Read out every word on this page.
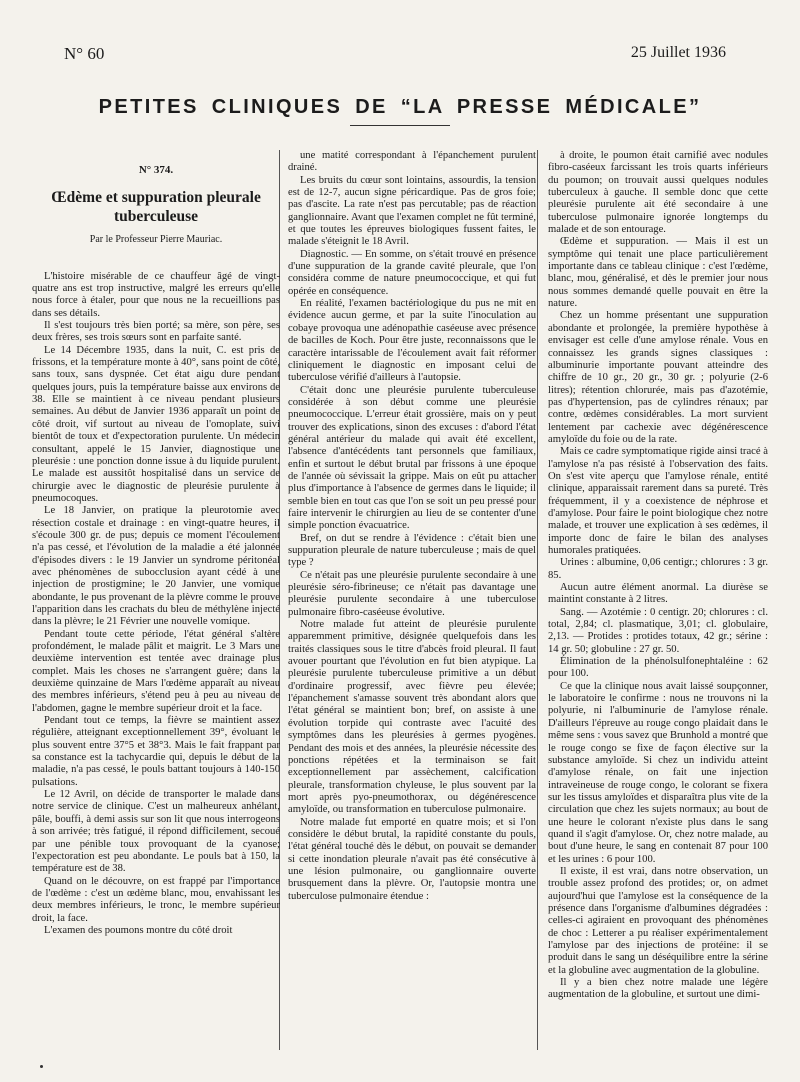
N° 60	25 Juillet 1936
PETITES CLINIQUES DE “LA PRESSE MÉDICALE”
N° 374.
Œdème et suppuration pleurale tuberculeuse
Par le Professeur Pierre Mauriac.

L'histoire misérable de ce chauffeur âgé de vingt-quatre ans est trop instructive, malgré les erreurs qu'elle nous force à étaler, pour que nous ne la recueillions pas dans ses détails.

Il s'est toujours très bien porté; sa mère, son père, ses deux frères, ses trois sœurs sont en parfaite santé.

Le 14 Décembre 1935, dans la nuit, C. est pris de frissons, et la température monte à 40°, sans point de côté, sans toux, sans dyspnée. Cet état aigu dure pendant quelques jours, puis la température baisse aux environs de 38. Elle se maintient à ce niveau pendant plusieurs semaines. Au début de Janvier 1936 apparaît un point de côté droit, vif surtout au niveau de l'omoplate, suivi bientôt de toux et d'expectoration purulente. Un médecin consultant, appelé le 15 Janvier, diagnostique une pleurésie : une ponction donne issue à du liquide purulent. Le malade est aussitôt hospitalisé dans un service de chirurgie avec le diagnostic de pleurésie purulente à pneumocoques.

Le 18 Janvier, on pratique la pleurotomie avec résection costale et drainage : en vingt-quatre heures, il s'écoule 300 gr. de pus; depuis ce moment l'écoulement n'a pas cessé, et l'évolution de la maladie a été jalonnée d'épisodes divers : le 19 Janvier un syndrome péritonéal avec phénomènes de subocclusion ayant cédé à une injection de prostigmine; le 20 Janvier, une vomique abondante, le pus provenant de la plèvre comme le prouve l'apparition dans les crachats du bleu de méthylène injecté dans la plèvre; le 21 Février une nouvelle vomique.

Pendant toute cette période, l'état général s'altère profondément, le malade pâlit et maigrit. Le 3 Mars une deuxième intervention est tentée avec drainage plus complet. Mais les choses ne s'arrangent guère; dans la deuxième quinzaine de Mars l'œdème apparaît au niveau des membres inférieurs, s'étend peu à peu au niveau de l'abdomen, gagne le membre supérieur droit et la face.

Pendant tout ce temps, la fièvre se maintient assez régulière, atteignant exceptionnellement 39°, évoluant le plus souvent entre 37°5 et 38°3. Mais le fait frappant par sa constance est la tachycardie qui, depuis le début de la maladie, n'a pas cessé, le pouls battant toujours à 140-150 pulsations.

Le 12 Avril, on décide de transporter le malade dans notre service de clinique. C'est un malheureux anhélant, pâle, bouffi, à demi assis sur son lit que nous interrogeons à son arrivée; très fatigué, il répond difficilement, secoué par une pénible toux provoquant de la cyanose; l'expectoration est peu abondante. Le pouls bat à 150, la température est de 38.

Quand on le découvre, on est frappé par l'importance de l'œdème : c'est un œdème blanc, mou, envahissant les deux membres inférieurs, le tronc, le membre supérieur droit, la face.

L'examen des poumons montre du côté droit

une matité correspondant à l'épanchement purulent drainé.

Les bruits du cœur sont lointains, assourdis, la tension est de 12-7, aucun signe péricardique. Pas de gros foie; pas d'ascite. La rate n'est pas percutable; pas de réaction ganglionnaire. Avant que l'examen complet ne fût terminé, et que toutes les épreuves biologiques fussent faites, le malade s'éteignit le 18 Avril.

Diagnostic. — En somme, on s'était trouvé en présence d'une suppuration de la grande cavité pleurale, que l'on considéra comme de nature pneumococcique, et qui fut opérée en conséquence.

En réalité, l'examen bactériologique du pus ne mit en évidence aucun germe, et par la suite l'inoculation au cobaye provoqua une adénopathie caséeuse avec présence de bacilles de Koch. Pour être juste, reconnaissons que le caractère intarissable de l'écoulement avait fait réformer cliniquement le diagnostic en imposant celui de tuberculose vérifié d'ailleurs à l'autopsie.

C'était donc une pleurésie purulente tuberculeuse considérée à son début comme une pleurésie pneumococcique. L'erreur était grossière, mais on y peut trouver des explications, sinon des excuses : d'abord l'état général antérieur du malade qui avait été excellent, l'absence d'antécédents tant personnels que familiaux, enfin et surtout le début brutal par frissons à une époque de l'année où sévissait la grippe. Mais on eût pu attacher plus d'importance à l'absence de germes dans le liquide; il semble bien en tout cas que l'on se soit un peu pressé pour faire intervenir le chirurgien au lieu de se contenter d'une simple ponction évacuatrice.

Bref, on dut se rendre à l'évidence : c'était bien une suppuration pleurale de nature tuberculeuse ; mais de quel type ?

Ce n'était pas une pleurésie purulente secondaire à une pleurésie séro-fibrineuse; ce n'était pas davantage une pleurésie purulente secondaire à une tuberculose pulmonaire fibro-caséeuse évolutive.

Notre malade fut atteint de pleurésie purulente apparemment primitive, désignée quelquefois dans les traités classiques sous le titre d'abcès froid pleural. Il faut avouer pourtant que l'évolution en fut bien atypique. La pleurésie purulente tuberculeuse primitive a un début d'ordinaire progressif, avec fièvre peu élevée; l'épanchement s'amasse souvent très abondant alors que l'état général se maintient bon; bref, on assiste à une évolution torpide qui contraste avec l'acuité des symptômes dans les pleurésies à germes pyogènes. Pendant des mois et des années, la pleurésie nécessite des ponctions répétées et la terminaison se fait exceptionnellement par assèchement, calcification pleurale, transformation chyleuse, le plus souvent par la mort après pyo-pneumothorax, ou dégénérescence amyloïde, ou transformation en tuberculose pulmonaire.

Notre malade fut emporté en quatre mois; et si l'on considère le début brutal, la rapidité constante du pouls, l'état général touché dès le début, on pouvait se demander si cette inondation pleurale n'avait pas été consécutive à une lésion pulmonaire, ou ganglionnaire ouverte brusquement dans la plèvre. Or, l'autopsie montra une tuberculose pulmonaire étendue :

à droite, le poumon était carnifié avec nodules fibro-caséeux farcissant les trois quarts inférieurs du poumon; on trouvait aussi quelques nodules tuberculeux à gauche. Il semble donc que cette pleurésie purulente ait été secondaire à une tuberculose pulmonaire ignorée longtemps du malade et de son entourage.

Œdème et suppuration. — Mais il est un symptôme qui tenait une place particulièrement importante dans ce tableau clinique : c'est l'œdème, blanc, mou, généralisé, et dès le premier jour nous nous sommes demandé quelle pouvait en être la nature.

Chez un homme présentant une suppuration abondante et prolongée, la première hypothèse à envisager est celle d'une amylose rénale. Vous en connaissez les grands signes classiques : albuminurie importante pouvant atteindre des chiffre de 10 gr., 20 gr., 30 gr. ; polyurie (2-6 litres); rétention chlorurée, mais pas d'azotémie, pas d'hypertension, pas de cylindres rénaux; par contre, œdèmes considérables. La mort survient lentement par cachexie avec dégénérescence amyloïde du foie ou de la rate.

Mais ce cadre symptomatique rigide ainsi tracé à l'amylose n'a pas résisté à l'observation des faits. On s'est vite aperçu que l'amylose rénale, entité clinique, apparaissait rarement dans sa pureté. Très fréquemment, il y a coexistence de néphrose et d'amylose. Pour faire le point biologique chez notre malade, et trouver une explication à ses œdèmes, il importe donc de faire le bilan des analyses humorales pratiquées.

Urines : albumine, 0,06 centigr.; chlorures : 3 gr. 85.

Aucun autre élément anormal. La diurèse se maintint constante à 2 litres.

Sang. — Azotémie : 0 centigr. 20; chlorures : cl. total, 2,84; cl. plasmatique, 3,01; cl. globulaire, 2,13. — Protides : protides totaux, 42 gr.; sérine : 14 gr. 50; globuline : 27 gr. 50.

Élimination de la phénolsulfonephtaléine : 62 pour 100.

Ce que la clinique nous avait laissé soupçonner, le laboratoire le confirme : nous ne trouvons ni la polyurie, ni l'albuminurie de l'amylose rénale. D'ailleurs l'épreuve au rouge congo plaidait dans le même sens : vous savez que Brunhold a montré que le rouge congo se fixe de façon élective sur la substance amyloïde. Si chez un individu atteint d'amylose rénale, on fait une injection intraveineuse de rouge congo, le colorant se fixera sur les tissus amyloïdes et disparaîtra plus vite de la circulation que chez les sujets normaux; au bout de une heure le colorant n'existe plus dans le sang quand il s'agit d'amylose. Or, chez notre malade, au bout d'une heure, le sang en contenait 87 pour 100 et les urines : 6 pour 100.

Il existe, il est vrai, dans notre observation, un trouble assez profond des protides; or, on admet aujourd'hui que l'amylose est la conséquence de la présence dans l'organisme d'albumines dégradées : celles-ci agiraient en provoquant des phénomènes de choc : Letterer a pu réaliser expérimentalement l'amylose par des injections de protéine: il se produit dans le sang un déséquilibre entre la sérine et la globuline avec augmentation de la globuline.

Il y a bien chez notre malade une légère augmentation de la globuline, et surtout une dimi-
